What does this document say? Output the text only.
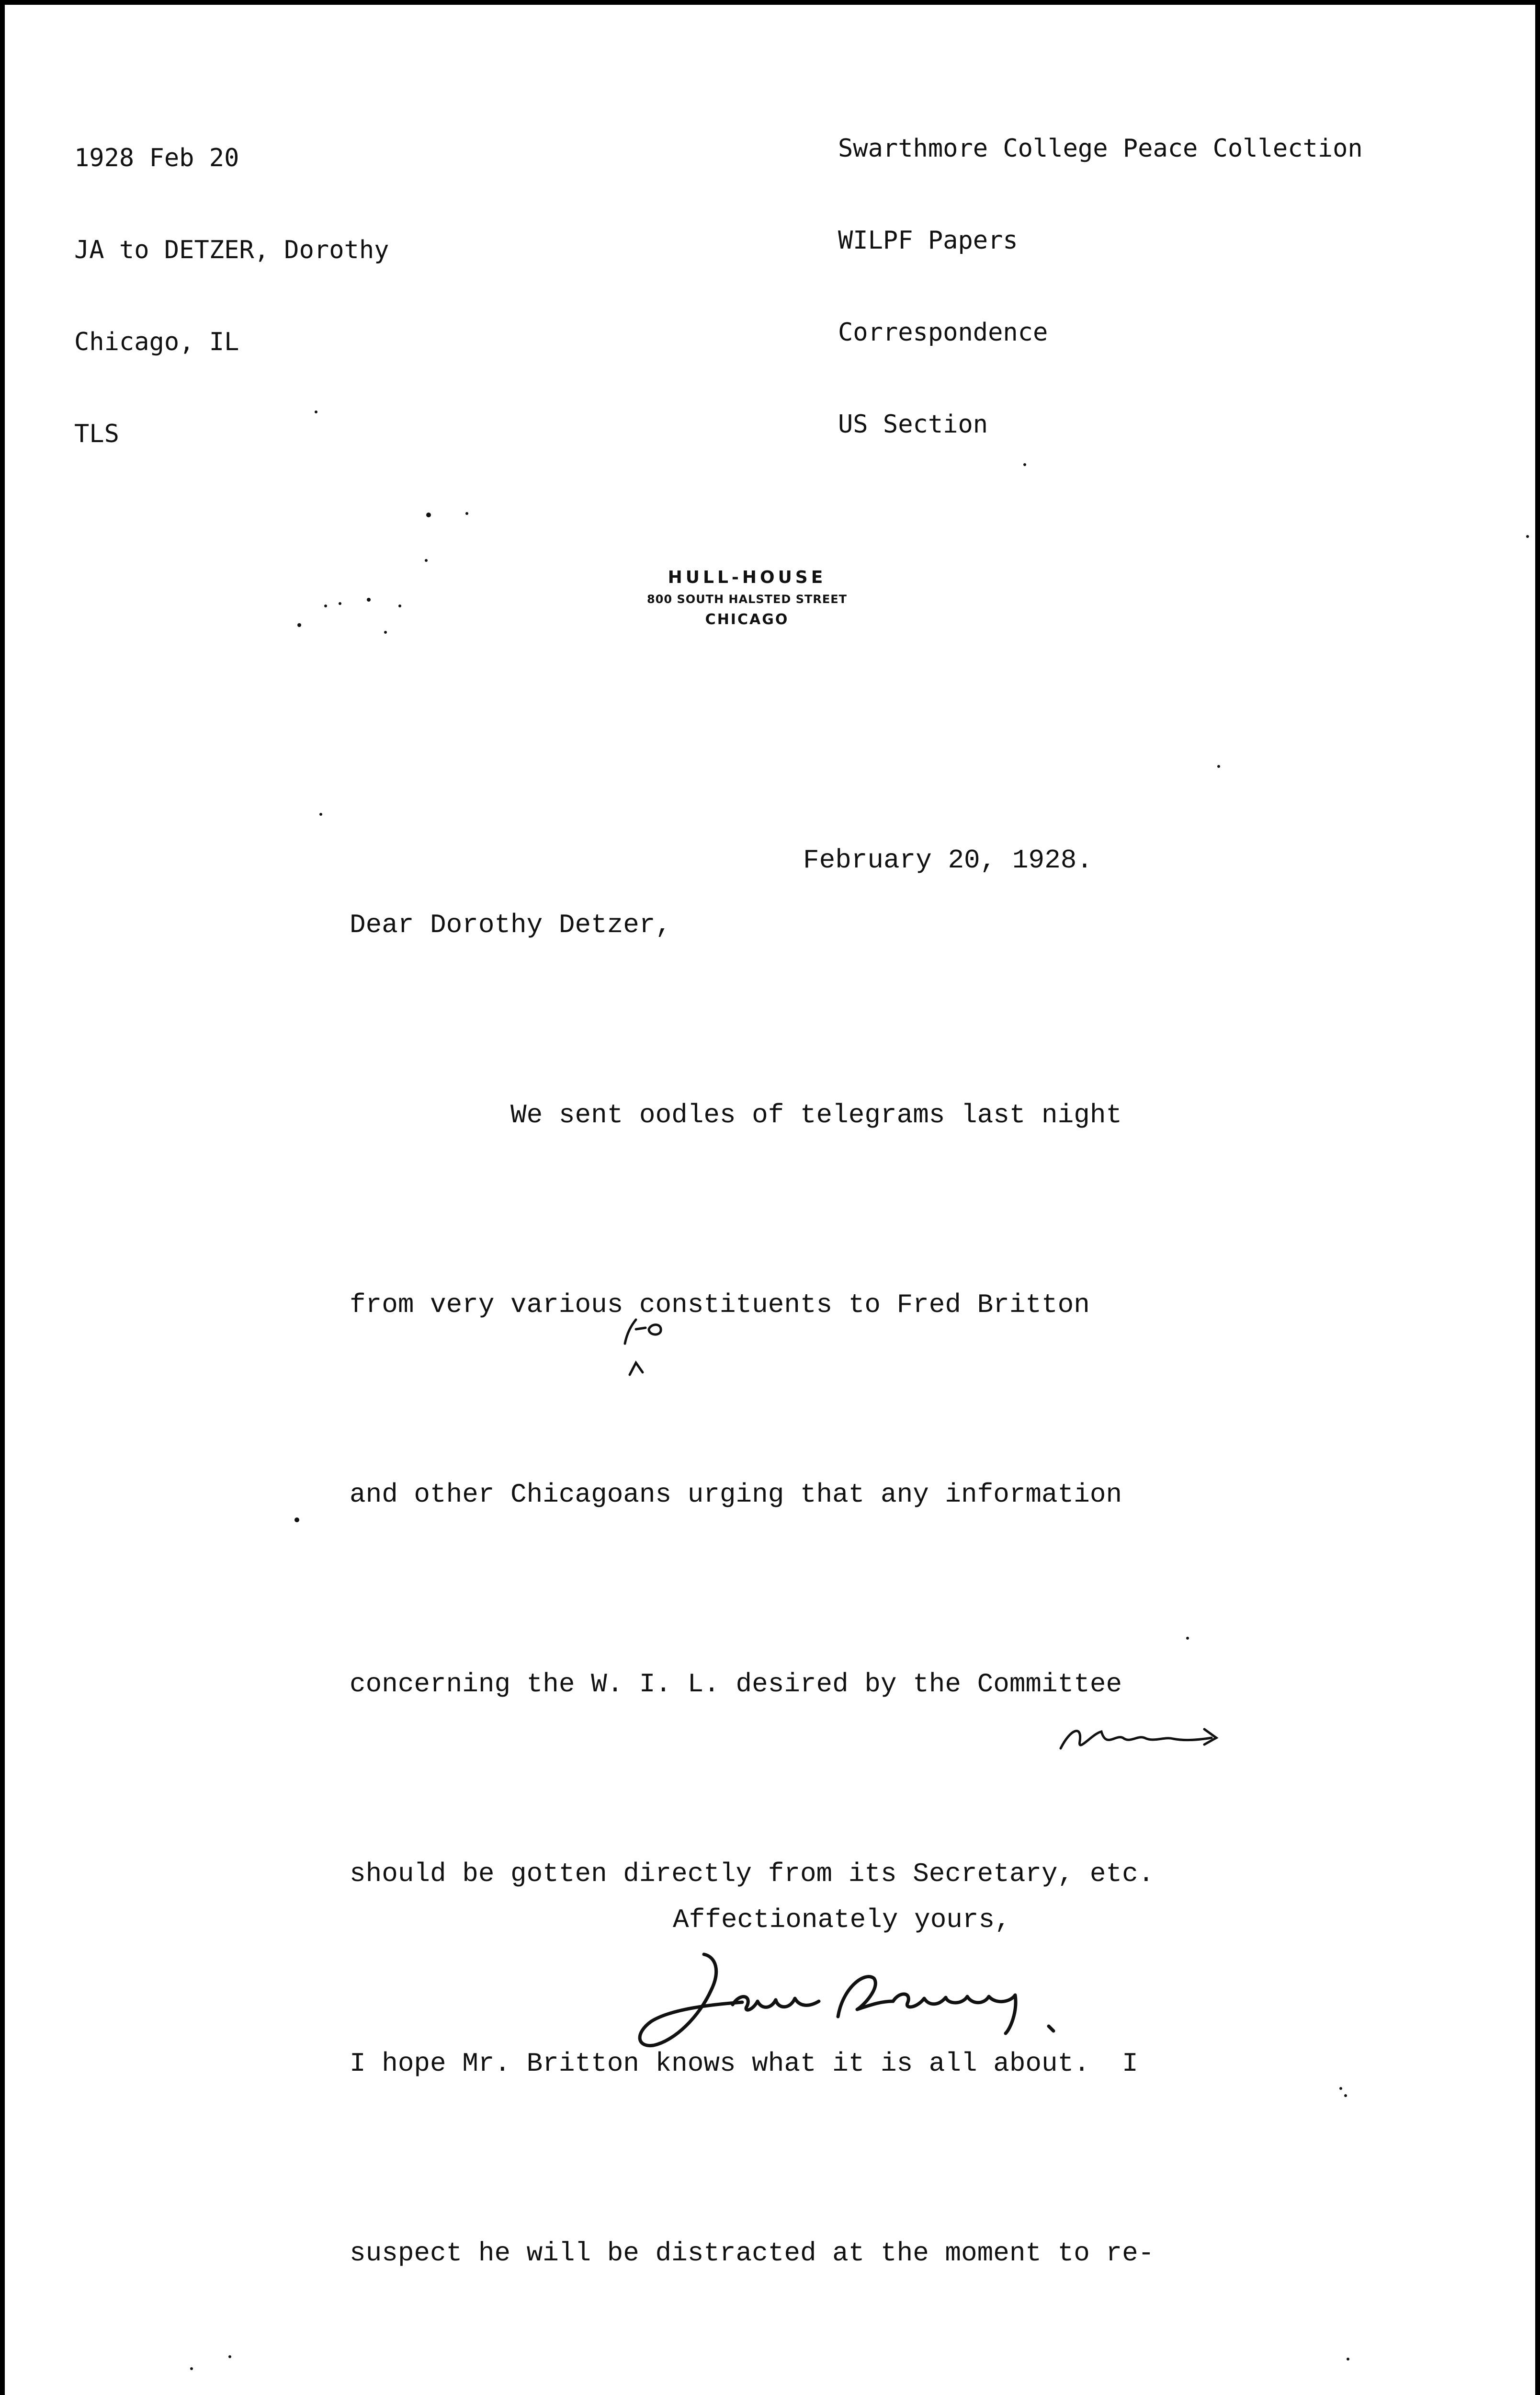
1928 Feb 20

JA to DETZER, Dorothy

Chicago, IL

TLS

Swarthmore College Peace Collection

WILPF Papers

Correspondence

US Section

HULL-HOUSE
800 SOUTH HALSTED STREET
CHICAGO
February 20, 1928.
Dear Dorothy Detzer,

We sent oodles of telegrams last night

from very various constituents to Fred Britton

and other Chicagoans urging that any information

concerning the W. I. L. desired by the Committee

should be gotten directly from its Secretary, etc.

I hope Mr. Britton knows what it is all about.  I

suspect he will be distracted at the moment to re-

Affectionately yours,
